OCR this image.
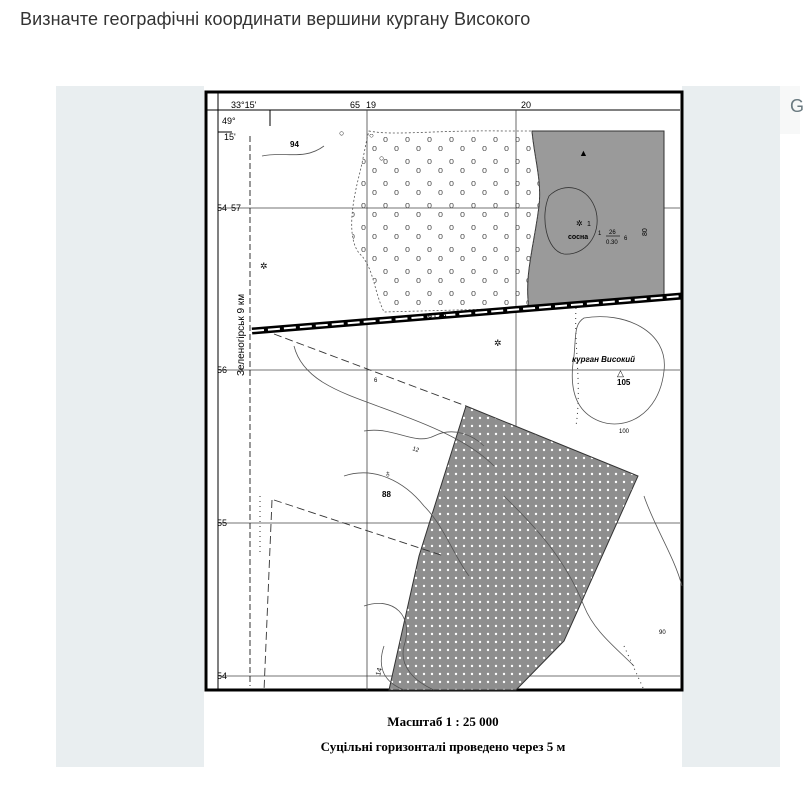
Визначте географічні координати вершини кургану Високого
▲
✲ 1
сосна 1 26
0.30
6
6 - 2А
Зеленогірськ 9 км
○
○
○
✲
✲
94
♁
88
12
100
90
14
80
6
курган Високий
△
105
33°15'
49°
15'
65 19	20
54 57
56
55
54
Масштаб 1 : 25 000
Суцільні горизонталі проведено через 5 м
G
